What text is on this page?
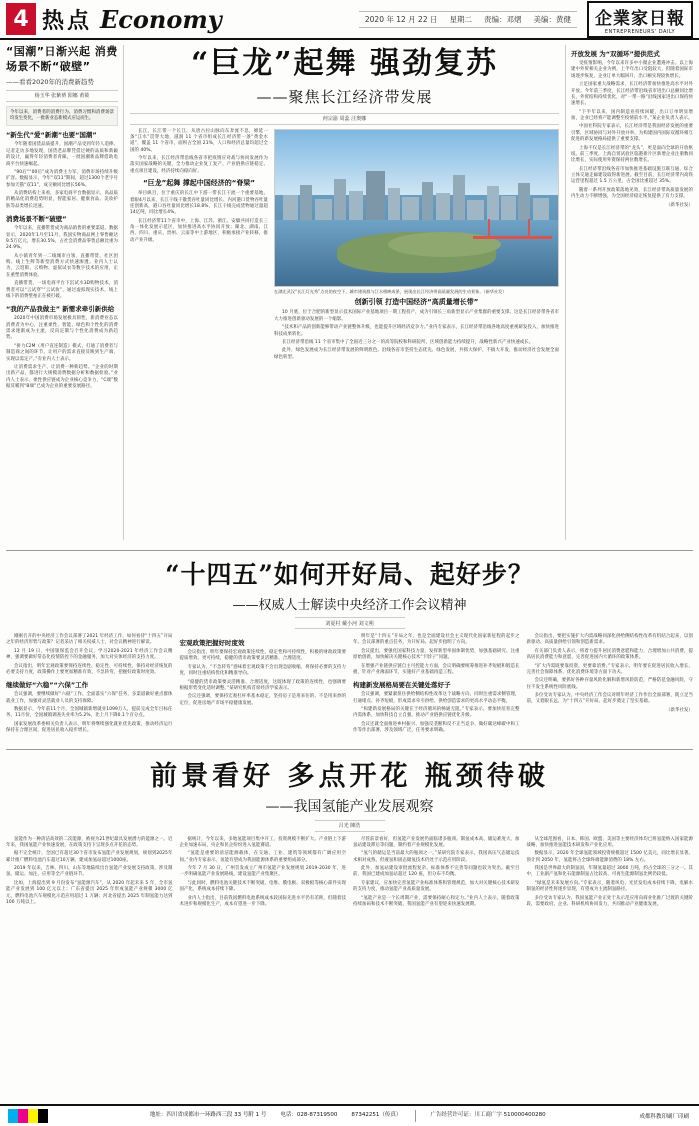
4 热点 Economy	2020 年 12 月 22 日 星期二 责编：邓熠 美编：黄健 企業家日報
ENTREPRENEURS' DAILY
“国潮”日渐兴起 消费场景不断“破壁”
——看看2020年的消费新趋势
杨玉华 张紫赟 阳娜 黄筱
今年以来，消费者的消费行为、消费习惯和消费场景均发生变化，一批新业态新模式应运而生。
“新生代”爱“新潮”也要“国潮”

今年随着国货品质提升，国潮产品受到年轻人追捧。记者走访多地发现，国货老品牌凭借过硬的品质和新颖的设计，赢得年轻消费者青睐，一批国潮新品牌借助电商平台快速崛起。

“90后”“00后”成为消费主力军，消费市场持续升级扩容。数据显示，今年“双11”期间，超过1300个老字号参加天猫“双11”，成交额同比增长56%。

从消费结构上来看，多家电商平台数据显示，高品质的精品化消费趋势明显，智能家居、健康食品、美妆护肤等品类增长迅速。

消费场景不断“破壁”

今年以来，直播带货成为商品销售的重要渠道。数据显示，2020年1月至11月，我国实物商品网上零售额达9.5万亿元，增长30.5%，占社会消费品零售总额比重为24.9%。

从小镇青年到一二线城市白领，直播带货、社区团购、线上生鲜等新型消费方式快速渗透。业内人士认为，云逛街、云购物、虚拟试衣等数字技术的应用，正在重塑消费体验。

直播带货、一场电商平台下沉试水3D购物技术，消费者可以“云试穿”“云试妆”，通过虚拟现实技术，线上线下的消费壁垒正在被打破。

“我的产品我做主” 新需求牵引新供给

2020年中国消费市场发展极具韧性，新消费业态以消费者为中心，注重柔性、智能、绿色和个性化的消费需求逐渐成为主流，反向定制与个性化消费成为新趋势。

“拼力C2M（用户直连制造）模式，打通了消费者与制造商之间的环节，让用户的需求直接反映到生产端，实现以需定产。”有业内人士表示。

让消费需求生产、让消费一种新趋势。“企业的时期出新产品，都进行大规模消费数据分析和数据检验。”业内人士表示，柔性供应链成为企业核心竞争力，“C端”数据反哺到“B端”已成为企业的重要发展路径。

“巨龙”起舞 强劲复苏
——聚焦长江经济带发展
何宗渝 周蕊 汪奥娜

长江、长江带一个长江，从唐古拉山脉向东奔流不息，绵延一条“江水”贯穿大地，滋润 11 个省市组成长江经济带一条“黄金水道”，覆盖 11 个省市，面积占全国 21%，人口和经济总量均超过全国的 40%。

今年以来，长江经济带沿线各省市把疫情应对战与协同发展作为落实国家战略的关键，全力推动企业复工复产、产业链供应链稳定、重点项目建设，经济持续向稳向好。

“巨龙”起舞 撑起中国经济的“脊梁”

举目纵目，位于重庆的长江中下游一带长江干流一个重要基地，着眼4月以来，长江干线干散货吞吐量同比增长、内河港口货物吞吐量连创新高，港口吞吐量同比增长18.8%，长江干线完成货物通过量超14亿吨，同比增长4%。

长江经济带11个省市中，上海、江苏、浙江、安徽共同打造长三角一体化发展示范区，加快推进高水平协同开放；湖北、湖南、江西、四川、重庆、贵州、云南等中上游地区，积极承接产业转移，推动产业升级。

在湖北武汉“长江灯光秀”点亮的夜空下，城市建筑群与江水相映成景，展现出长江经济带高质量发展的生动景象。（新华社发）
创新引领 打造中国经济“高质量增长带”

10 月底，位于合肥的新型显示技术国际产业基地项目一期工程投产，成为引领长三角新型显示产业集群的重要支撑。这是长江经济带各省市大力推进创新驱动发展的一个缩影。

“技术和产品的创新能够带动产业链整体升级，也能提升区域经济竞争力。”业内专家表示，长江经济带沿线各地高度重视研发投入，加快推进科技成果转化。

长江经济带沿线 11 个省市集中了全国近三分之一的高等院校和科研院所，区域创新能力持续提升，战略性新兴产业快速成长。

此外，绿色发展成为长江经济带发展的鲜明底色。沿线各省市坚持生态优先、绿色发展，共抓大保护、不搞大开发，推动经济社会发展全面绿色转型。

开放发展 为“双循环”提供范式

受疫情影响，今年以来许多中小微企业遭遇冲击。以上海建中外贸相关企业为例，上半年出口受阻较大，但随着国际市场逐步恢复，企业订单大幅回升，出口额实现较快增长。

立足国家重大战略需求，长江经济带加快推进高水平对外开放。今年前三季度，长江经济带沿线省市进出口总额同比增长，外贸结构持续优化，对“一带一路”沿线国家进出口保持快速增长。

“下半年以来，国内制造业持续回暖，出口订单明显增加，企业已经将产能调整至疫情前水平。”某企业负责人表示。

中国社科院专家表示，长江经济带是我国经济发展的重要引擎，区域协同与对外开放并举，为构建国内国际双循环相互促进的新发展格局提供了重要支撑。

上海不仅是长江经济带的“龙头”，更是面向全球的开放枢纽。前三季度，上海自贸试验区临港新片区新增企业注册数同比增长，实际使用外资保持两位数增长。

长江经济带沿线各省市加快推进基础设施互联互通，综合立体交通走廊建设取得新进展。截至目前，长江经济带内高铁运营里程超过 1.5 万公里，占全国比重超过 35%。

随着一系列开放政策落地见效，长江经济带高质量发展的内生动力不断增强，为全国经济稳定恢复提供了有力支撑。

（新华社发）

“十四五”如何开好局、起好步？
——权威人士解读中央经济工作会议精神
刘夏村 戴小河 刘文朔

刚刚召开的中央经济工作会议部署了2021 年经济工作，如何看待“十四五”开局之年的经济形势与政策？记者采访了相关权威人士，对会议精神进行解读。

12 月 19 日，中国银保监会召开会议，学习2020-2021 年经济工作会议精神，强调要做好常态化疫情防控下的金融服务，加大对实体经济的支持力度。

会议指出，明年宏观政策要保持连续性、稳定性、可持续性，保持对经济恢复的必要支持力度，政策操作上要更加精准有效，不急转弯，把握好政策时度效。

继续做好“六稳”“六保”工作

会议强调，要继续做好“六稳”工作、全面落实“六保”任务，多渠道做好重点群体就业工作，加强对灵活就业人员的支持保障。

数据显示，今年前11个月，全国城镇新增就业1099万人，提前完成全年目标任务。11月份，全国城镇调查失业率为5.2%，比上月下降0.1个百分点。

国家发展改革委相关负责人表示，明年将继续强化就业优先政策，推动经济运行保持在合理区间，促进居民收入稳步增长。

宏观政策把握好时度效

会议指出，明年要保持宏观政策连续性、稳定性和可持续性，积极的财政政策要提质增效、更可持续，稳健的货币政策要灵活精准、合理适度。

专家认为，“不急转弯”意味着宏观政策不会出现急剧收缩，将保持必要的支持力度，同时注重结构优化和精准导向。

“稳健的货币政策要灵活精准、合理适度，这既体现了政策的连续性，也强调要根据形势变化适时调整。”某研究机构首席经济学家表示。

会议还强调，要保持宏观杠杆率基本稳定，坚持房子是用来住的、不是用来炒的定位，促进房地产市场平稳健康发展。

明年是“十四五”开局之年，也是全面建设社会主义现代化国家新征程的起步之年。会议部署的重点任务，为开好局、起好步指明了方向。

会议提出，要强化国家科技力量，发挥新型举国体制优势，加强基础研究、注重原始创新，加快解决关键核心技术“卡脖子”问题。

在增强产业链供应链自主可控能力方面，会议明确要统筹推进补齐短板和锻造长板，针对产业薄弱环节，实施好产业基础再造工程。

构建新发展格局要在关键处落好子

会议强调，要紧紧扭住供给侧结构性改革这个战略方向，同时注重需求侧管理，打通堵点、补齐短板，形成需求牵引供给、供给创造需求的更高水平动态平衡。

“构建新发展格局的关键在于经济循环的畅通无阻。”专家表示，要加快培育完整内需体系，加快科技自立自强，推动产业链供应链优化升级。

会议还就全面推进乡村振兴、加强反垄断和反不正当竞争、做好碳达峰碳中和工作等作出部署，涉及领域广泛，任务要求明确。

会议指出，要把实施扩大内需战略同深化供给侧结构性改革有机结合起来，以创新驱动、高质量供给引领和创造新需求。

有关部门负责人表示，将着力提升居民消费意愿和能力，合理增加公共消费，提高居民消费能力和意愿，完善促进国内大循环的政策体系。

“扩大内需既要靠投资，更要靠消费。”专家表示，明年要在促进居民收入增长、完善社会保障体系、优化消费环境等方面下功夫。

会议还明确，要抓好各种存量风险化解和新增风险防范，严格防范金融风险，守住不发生系统性风险底线。

多位受访专家认为，中央经济工作会议对明年经济工作作出全面部署，既立足当前，又着眼长远，为“十四五”开好局、起好步奠定了坚实基础。

（新华社发）

前景看好 多点开花 瓶颈待破
——我国氢能产业发展观察
吕光 陳浩

氢能作为一种清洁高效的二次能源，被视为21世纪最具发展潜力的能源之一。近年来，我国氢能产业快速发展，在政策支持下呈现多点开花的态势。

据不完全统计，全国已有超过30个省市发布氢能产业发展规划，规划到2025年累计推广燃料电池汽车超过10万辆，建成加氢站超过1000座。

2019 年以来，吉林、四川、山东等地陆续出台氢能产业发展支持政策，涉及制氢、储运、加注、应用等全产业链环节。

比如，上海提出到 9 月份发布“氢能源汽车”，从 2020 年起未来 5 年，全市氢能产业发展到 100 亿元以上；广东省提出 2025 年形成氢能产业规模 3000 亿元，燃料电池汽车规模化示范应用超过 1 万辆；河北省提出 2025 年制氢能力达到 100 万吨以上。

据统计，今年以来，多地氢能项目集中开工，投资规模不断扩大。产业链上下游企业加速布局，央企和民企纷纷进入氢能赛道。

“氢能是重要的清洁能源载体，在交通、工业、建筑等领域都有广阔应用空间。”业内专家表示，氢能有望成为我国能源体系的重要组成部分。

今年 7 月 30 日，广州首发成立广州市氢能产业发展规划 2019-2030 年，进一步明确氢能产业发展路线，建设氢能产业集聚区。

与此同时，燃料电池关键技术不断突破，电堆、膜电极、双极板等核心部件实现国产化，系统成本持续下降。

业内人士指出，目前我国燃料电池系统成本较国际先进水平仍有差距，但随着技术进步和规模化生产，成本有望进一步下降。

尽管前景看好，但氢能产业发展仍面临诸多瓶颈。制氢成本高、储运难度大、加氢站建设滞后等问题，制约着产业规模化发展。

“氢气的储运是当前最大的瓶颈之一。”某研究院专家表示，我国高压气态储运技术相对成熟，但液氢和固态储氢技术仍处于示范应用阶段。

此外，加氢站建设审批流程复杂、标准体系不完善等问题也较为突出。截至目前，我国已建成加氢站超过 120 座，但分布不均衡。

专家建议，应加快完善氢能产业标准体系和管理规范，加大对关键核心技术研发的支持力度，推动氢能产业高质量发展。

“氢能产业是一个长周期产业，需要保持耐心和定力。”业内人士表示，随着政策持续加码和技术不断突破，我国氢能产业有望迎来快速发展期。

从全球范围看，日本、韩国、欧盟、美国等主要经济体均已将氢能纳入国家能源战略，加快推进氢能技术研发和产业化应用。

数据显示，2020 年全球氢能领域投资规模超过 1500 亿美元，同比增长显著。预计到 2050 年，氢能将占全球终端能源消费的 18% 左右。

我国是世界最大的制氢国，年制氢量超过 3000 万吨，约占全球的三分之一。其中，工业副产氢和化石能源制氢占比较高，可再生能源制氢比例仍较低。

“绿氢是未来发展方向。”专家表示，随着风电、光伏发电成本持续下降，电解水制氢的经济性将逐步显现，有望成为主流制氢路径。

多位受访专家认为，我国氢能产业正处于从示范应用向商业化推广过渡的关键阶段，需要政府、企业、科研机构协同发力，共同推动产业健康发展。

地址：四川省成都市一环路西三段 33 号附 1 号	电话：028-87319500	87342251（传真）	广告经营许可证：川工商广字 510000400280	成都科教印刷厂印刷
